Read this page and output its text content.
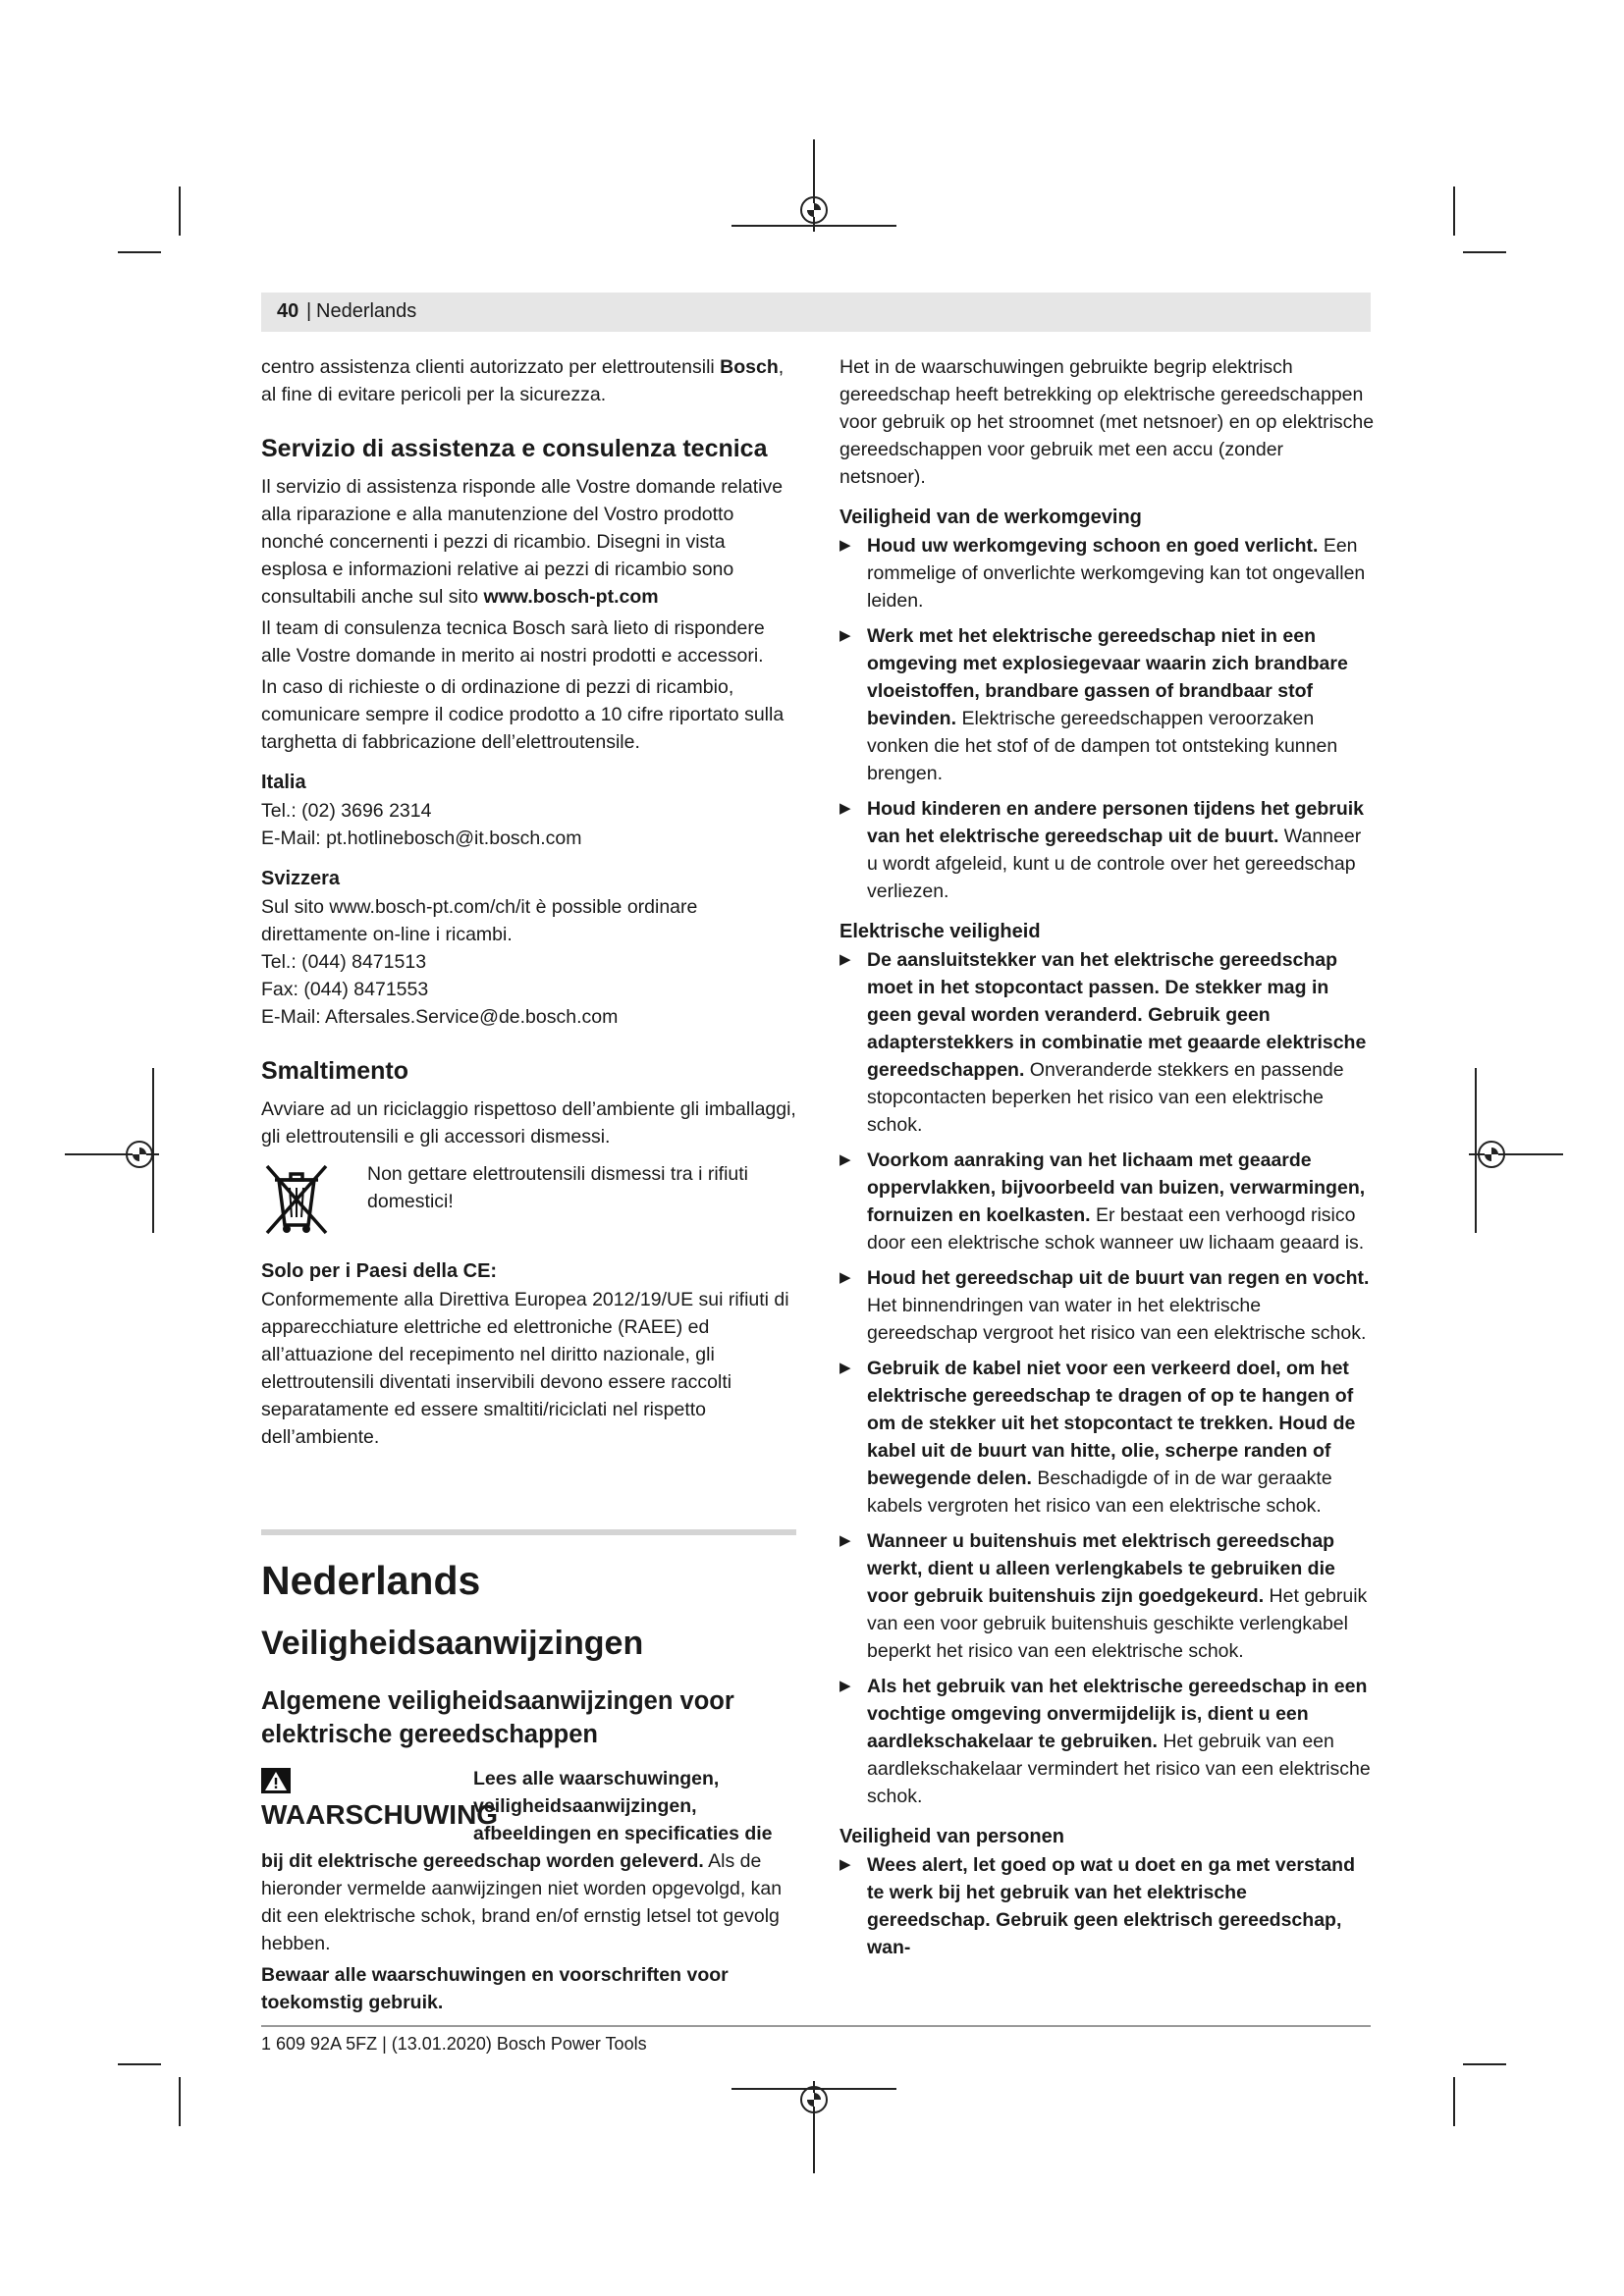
40 | Nederlands

centro assistenza clienti autorizzato per elettroutensili Bosch, al fine di evitare pericoli per la sicurezza.

Servizio di assistenza e consulenza tecnica

Il servizio di assistenza risponde alle Vostre domande relative alla riparazione e alla manutenzione del Vostro prodotto nonché concernenti i pezzi di ricambio. Disegni in vista esplosa e informazioni relative ai pezzi di ricambio sono consultabili anche sul sito www.bosch-pt.com

Il team di consulenza tecnica Bosch sarà lieto di rispondere alle Vostre domande in merito ai nostri prodotti e accessori.

In caso di richieste o di ordinazione di pezzi di ricambio, comunicare sempre il codice prodotto a 10 cifre riportato sulla targhetta di fabbricazione dell’elettroutensile.

Italia
Tel.: (02) 3696 2314
E-Mail: pt.hotlinebosch@it.bosch.com
Svizzera
Sul sito www.bosch-pt.com/ch/it è possible ordinare direttamente on-line i ricambi.
Tel.: (044) 8471513
Fax: (044) 8471553
E-Mail: Aftersales.Service@de.bosch.com
Smaltimento

Avviare ad un riciclaggio rispettoso dell’ambiente gli imballaggi, gli elettroutensili e gli accessori dismessi.

Non gettare elettroutensili dismessi tra i rifiuti domestici!
Solo per i Paesi della CE:

Conformemente alla Direttiva Europea 2012/19/UE sui rifiuti di apparecchiature elettriche ed elettroniche (RAEE) ed all’attuazione del recepimento nel diritto nazionale, gli elettroutensili diventati inservibili devono essere raccolti separatamente ed essere smaltiti/riciclati nel rispetto dell’ambiente.

Nederlands
Veiligheidsaanwijzingen
Algemene veiligheidsaanwijzingen voor elektrische gereedschappen
WAARSCHUWING

Lees alle waarschuwingen, veiligheidsaanwijzingen, afbeeldingen en specificaties die bij dit elektrische gereedschap worden geleverd. Als de hieronder vermelde aanwijzingen niet worden opgevolgd, kan dit een elektrische schok, brand en/of ernstig letsel tot gevolg hebben.

Bewaar alle waarschuwingen en voorschriften voor toekomstig gebruik.

Het in de waarschuwingen gebruikte begrip elektrisch gereedschap heeft betrekking op elektrische gereedschappen voor gebruik op het stroomnet (met netsnoer) en op elektrische gereedschappen voor gebruik met een accu (zonder netsnoer).

Veiligheid van de werkomgeving
▶ Houd uw werkomgeving schoon en goed verlicht. Een rommelige of onverlichte werkomgeving kan tot ongevallen leiden.
▶ Werk met het elektrische gereedschap niet in een omgeving met explosiegevaar waarin zich brandbare vloeistoffen, brandbare gassen of brandbaar stof bevinden. Elektrische gereedschappen veroorzaken vonken die het stof of de dampen tot ontsteking kunnen brengen.
▶ Houd kinderen en andere personen tijdens het gebruik van het elektrische gereedschap uit de buurt. Wanneer u wordt afgeleid, kunt u de controle over het gereedschap verliezen.
Elektrische veiligheid
▶ De aansluitstekker van het elektrische gereedschap moet in het stopcontact passen. De stekker mag in geen geval worden veranderd. Gebruik geen adapterstekkers in combinatie met geaarde elektrische gereedschappen. Onveranderde stekkers en passende stopcontacten beperken het risico van een elektrische schok.
▶ Voorkom aanraking van het lichaam met geaarde oppervlakken, bijvoorbeeld van buizen, verwarmingen, fornuizen en koelkasten. Er bestaat een verhoogd risico door een elektrische schok wanneer uw lichaam geaard is.
▶ Houd het gereedschap uit de buurt van regen en vocht. Het binnendringen van water in het elektrische gereedschap vergroot het risico van een elektrische schok.
▶ Gebruik de kabel niet voor een verkeerd doel, om het elektrische gereedschap te dragen of op te hangen of om de stekker uit het stopcontact te trekken. Houd de kabel uit de buurt van hitte, olie, scherpe randen of bewegende delen. Beschadigde of in de war geraakte kabels vergroten het risico van een elektrische schok.
▶ Wanneer u buitenshuis met elektrisch gereedschap werkt, dient u alleen verlengkabels te gebruiken die voor gebruik buitenshuis zijn goedgekeurd. Het gebruik van een voor gebruik buitenshuis geschikte verlengkabel beperkt het risico van een elektrische schok.
▶ Als het gebruik van het elektrische gereedschap in een vochtige omgeving onvermijdelijk is, dient u een aardlekschakelaar te gebruiken. Het gebruik van een aardlekschakelaar vermindert het risico van een elektrische schok.
Veiligheid van personen
▶ Wees alert, let goed op wat u doet en ga met verstand te werk bij het gebruik van het elektrische gereedschap. Gebruik geen elektrisch gereedschap, wan-
1 609 92A 5FZ | (13.01.2020) Bosch Power Tools
